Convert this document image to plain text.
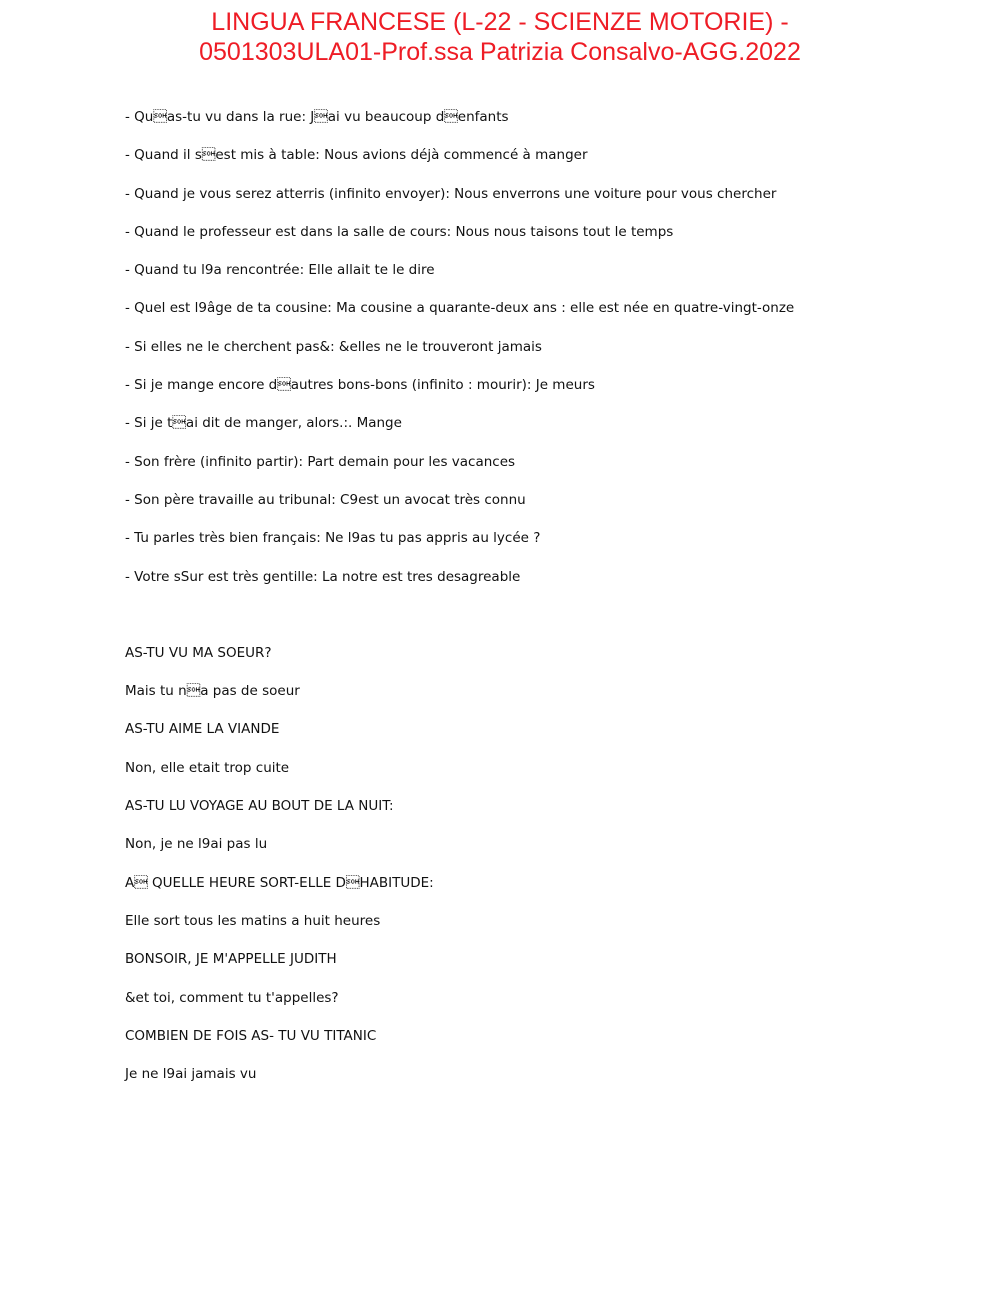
LINGUA FRANCESE (L-22 - SCIENZE MOTORIE) -
0501303ULA01-Prof.ssa Patrizia Consalvo-AGG.2022
- Quas-tu vu dans la rue: Jai vu beaucoup denfants
- Quand il sest mis à table: Nous avions déjà commencé à manger
- Quand je vous serez atterris (infinito envoyer): Nous enverrons une voiture pour vous chercher
- Quand le professeur est dans la salle de cours: Nous nous taisons tout le temps
- Quand tu l9a rencontrée: Elle allait te le dire
- Quel est l9âge de ta cousine: Ma cousine a quarante-deux ans : elle est née en quatre-vingt-onze
- Si elles ne le cherchent pas&: &elles ne le trouveront jamais
- Si je mange encore dautres bons-bons (infinito : mourir): Je meurs
- Si je tai dit de manger, alors.:. Mange
- Son frère (infinito partir): Part demain pour les vacances
- Son père travaille au tribunal: C9est un avocat très connu
- Tu parles très bien français: Ne l9as tu pas appris au lycée ?
- Votre sSur est très gentille: La notre est tres desagreable
AS-TU VU MA SOEUR?
Mais tu na pas de soeur
AS-TU AIME LA VIANDE
Non, elle etait trop cuite
AS-TU LU VOYAGE AU BOUT DE LA NUIT:
Non, je ne l9ai pas lu
A QUELLE HEURE SORT-ELLE DHABITUDE:
Elle sort tous les matins a huit heures
BONSOIR, JE M'APPELLE JUDITH
&et toi, comment tu t'appelles?
COMBIEN DE FOIS AS- TU VU TITANIC
Je ne l9ai jamais vu
